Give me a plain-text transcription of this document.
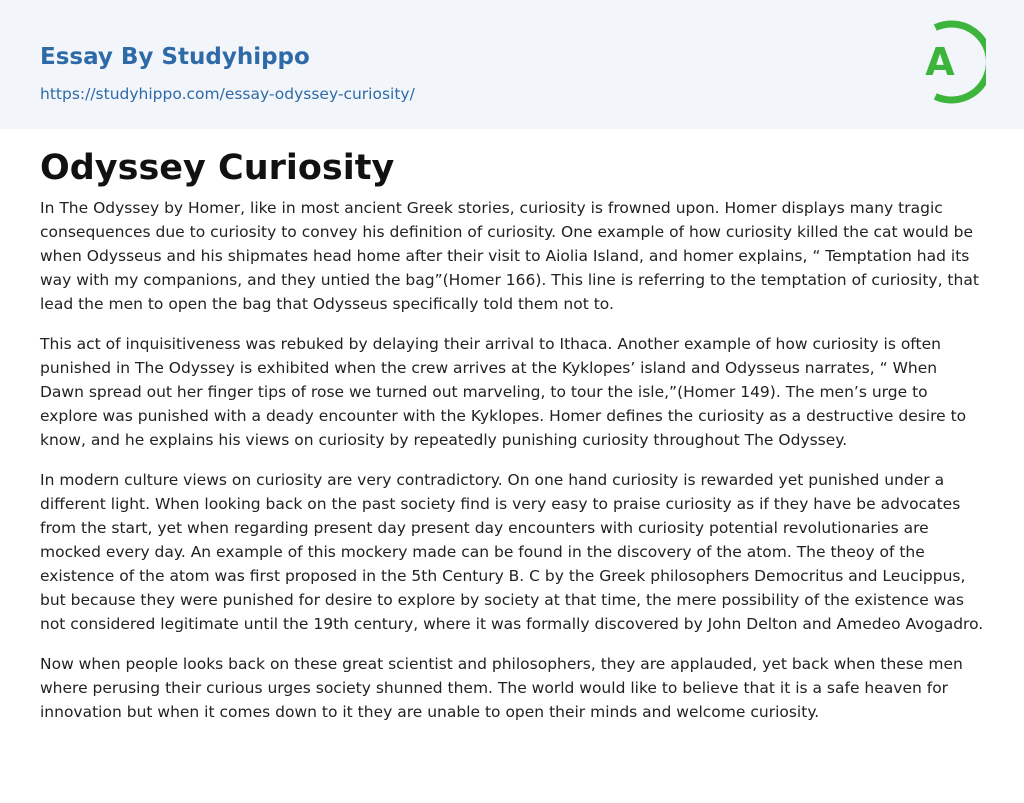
Essay By Studyhippo
https://studyhippo.com/essay-odyssey-curiosity/
A
Odyssey Curiosity

In The Odyssey by Homer, like in most ancient Greek stories, curiosity is frowned upon. Homer displays many tragic consequences due to curiosity to convey his definition of curiosity. One example of how curiosity killed the cat would be when Odysseus and his shipmates head home after their visit to Aiolia Island, and homer explains, “ Temptation had its way with my companions, and they untied the bag”(Homer 166). This line is referring to the temptation of curiosity, that lead the men to open the bag that Odysseus specifically told them not to.

This act of inquisitiveness was rebuked by delaying their arrival to Ithaca. Another example of how curiosity is often punished in The Odyssey is exhibited when the crew arrives at the Kyklopes’ island and Odysseus narrates, “ When Dawn spread out her finger tips of rose we turned out marveling, to tour the isle,”(Homer 149). The men’s urge to explore was punished with a deady encounter with the Kyklopes. Homer defines the curiosity as a destructive desire to know, and he explains his views on curiosity by repeatedly punishing curiosity throughout The Odyssey.

In modern culture views on curiosity are very contradictory. On one hand curiosity is rewarded yet punished under a different light. When looking back on the past society find is very easy to praise curiosity as if they have be advocates from the start, yet when regarding present day present day encounters with curiosity potential revolutionaries are mocked every day. An example of this mockery made can be found in the discovery of the atom. The theoy of the existence of the atom was first proposed in the 5th Century B. C by the Greek philosophers Democritus and Leucippus, but because they were punished for desire to explore by society at that time, the mere possibility of the existence was not considered legitimate until the 19th century, where it was formally discovered by John Delton and Amedeo Avogadro.

Now when people looks back on these great scientist and philosophers, they are applauded, yet back when these men where perusing their curious urges society shunned them. The world would like to believe that it is a safe heaven for innovation but when it comes down to it they are unable to open their minds and welcome curiosity.
